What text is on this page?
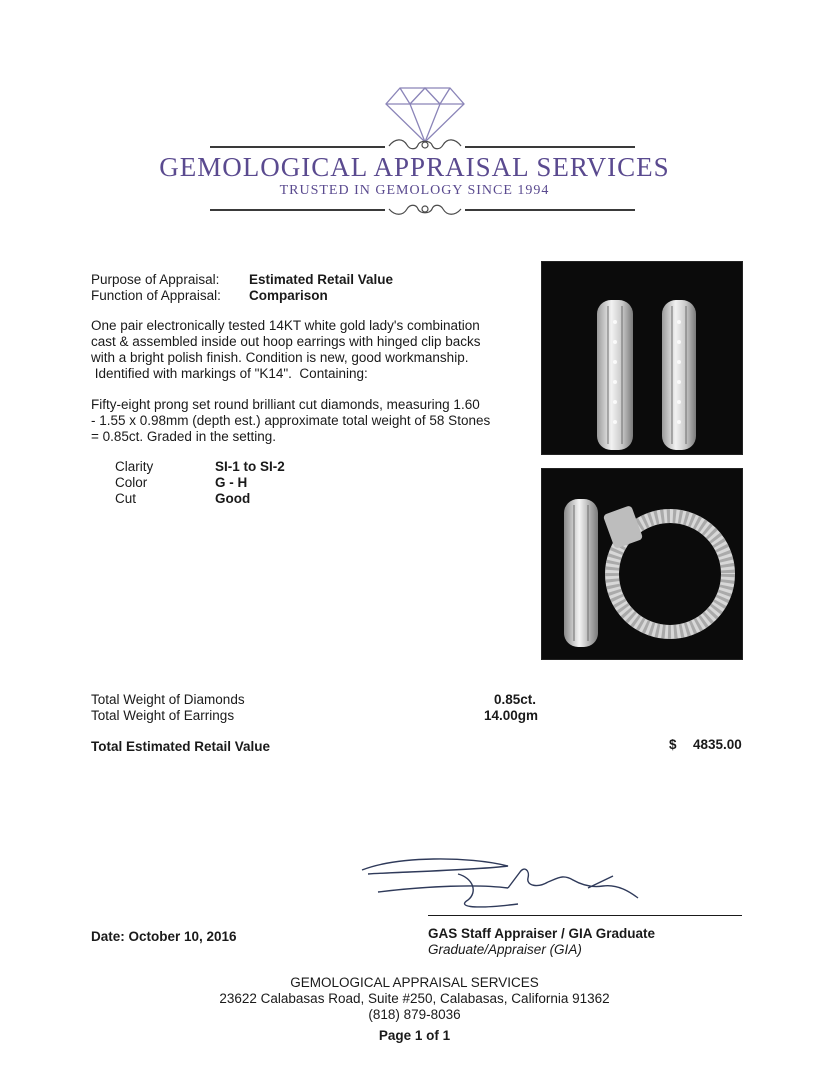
GEMOLOGICAL APPRAISAL SERVICES
TRUSTED IN GEMOLOGY SINCE 1994
Purpose of Appraisal: Estimated Retail Value
Function of Appraisal: Comparison
One pair electronically tested 14KT white gold lady's combination
cast & assembled inside out hoop earrings with hinged clip backs
with a bright polish finish. Condition is new, good workmanship.
Identified with markings of "K14".  Containing:
Fifty-eight prong set round brilliant cut diamonds, measuring 1.60
- 1.55 x 0.98mm (depth est.) approximate total weight of 58 Stones
= 0.85ct. Graded in the setting.
Clarity	SI-1 to SI-2
Color	G - H
Cut	Good
Total Weight of Diamonds	0.85ct.
Total Weight of Earrings	14.00gm
Total Estimated Retail Value	$ 4835.00
Date: October 10, 2016	GAS Staff Appraiser / GIA Graduate
Graduate/Appraiser (GIA)
GEMOLOGICAL APPRAISAL SERVICES
23622 Calabasas Road, Suite #250, Calabasas, California 91362
(818) 879-8036
Page 1 of 1
